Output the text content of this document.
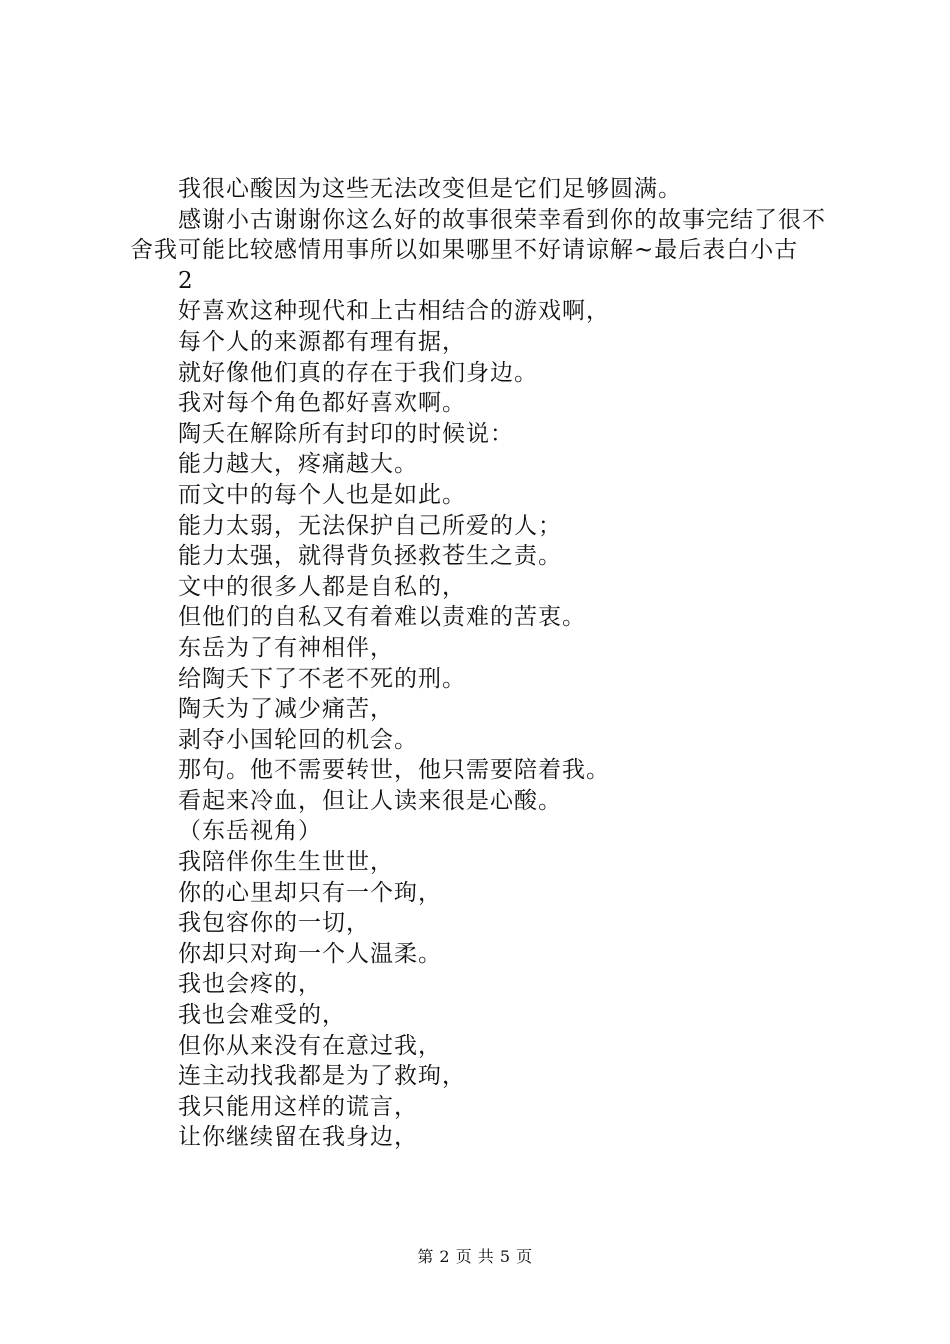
我很心酸因为这些无法改变但是它们足够圆满。

感谢小古谢谢你这么好的故事很荣幸看到你的故事完结了很不舍我可能比较感情用事所以如果哪里不好请谅解~最后表白小古

2

好喜欢这种现代和上古相结合的游戏啊，

每个人的来源都有理有据，

就好像他们真的存在于我们身边。

我对每个角色都好喜欢啊。

陶夭在解除所有封印的时候说：

能力越大，疼痛越大。

而文中的每个人也是如此。

能力太弱，无法保护自己所爱的人；

能力太强，就得背负拯救苍生之责。

文中的很多人都是自私的，

但他们的自私又有着难以责难的苦衷。

东岳为了有神相伴，

给陶夭下了不老不死的刑。

陶夭为了减少痛苦，

剥夺小国轮回的机会。

那句。他不需要转世，他只需要陪着我。

看起来冷血，但让人读来很是心酸。

（东岳视角）

我陪伴你生生世世，

你的心里却只有一个珣，

我包容你的一切，

你却只对珣一个人温柔。

我也会疼的，

我也会难受的，

但你从来没有在意过我，

连主动找我都是为了救珣，

我只能用这样的谎言，

让你继续留在我身边，

第 2 页 共 5 页
